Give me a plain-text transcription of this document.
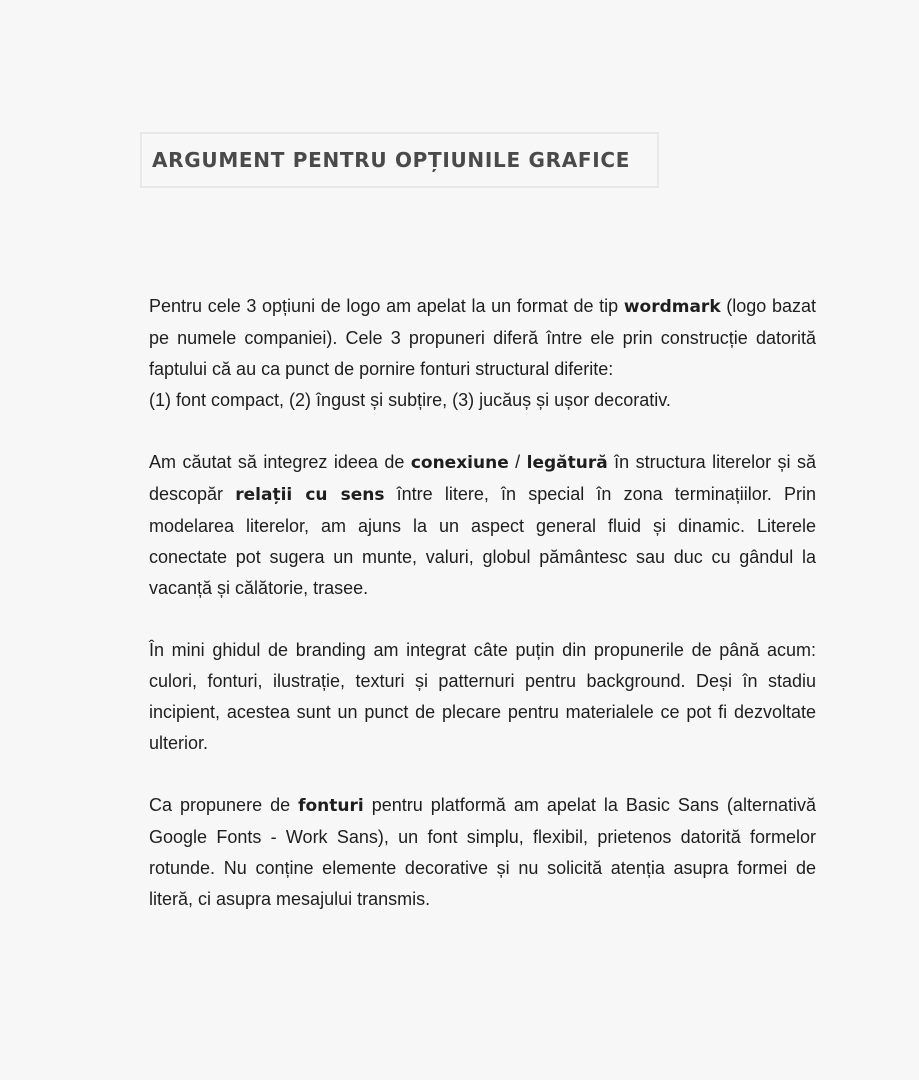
ARGUMENT PENTRU OPȚIUNILE GRAFICE

Pentru cele 3 opțiuni de logo am apelat la un format de tip wordmark (logo bazat pe numele companiei). Cele 3 propuneri diferă între ele prin construcție datorită faptului că au ca punct de pornire fonturi structural diferite:
(1) font compact, (2) îngust și subțire, (3) jucăuș și ușor decorativ.

Am căutat să integrez ideea de conexiune / legătură în structura literelor și să descopăr relații cu sens între litere, în special în zona terminațiilor. Prin modelarea literelor, am ajuns la un aspect general fluid și dinamic. Literele conectate pot sugera un munte, valuri, globul pământesc sau duc cu gândul la vacanță și călătorie, trasee.

În mini ghidul de branding am integrat câte puțin din propunerile de până acum: culori, fonturi, ilustrație, texturi și patternuri pentru background. Deși în stadiu incipient, acestea sunt un punct de plecare pentru materialele ce pot fi dezvoltate ulterior.

Ca propunere de fonturi pentru platformă am apelat la Basic Sans (alternativă Google Fonts - Work Sans), un font simplu, flexibil, prietenos datorită formelor rotunde. Nu conține elemente decorative și nu solicită atenția asupra formei de literă, ci asupra mesajului transmis.
